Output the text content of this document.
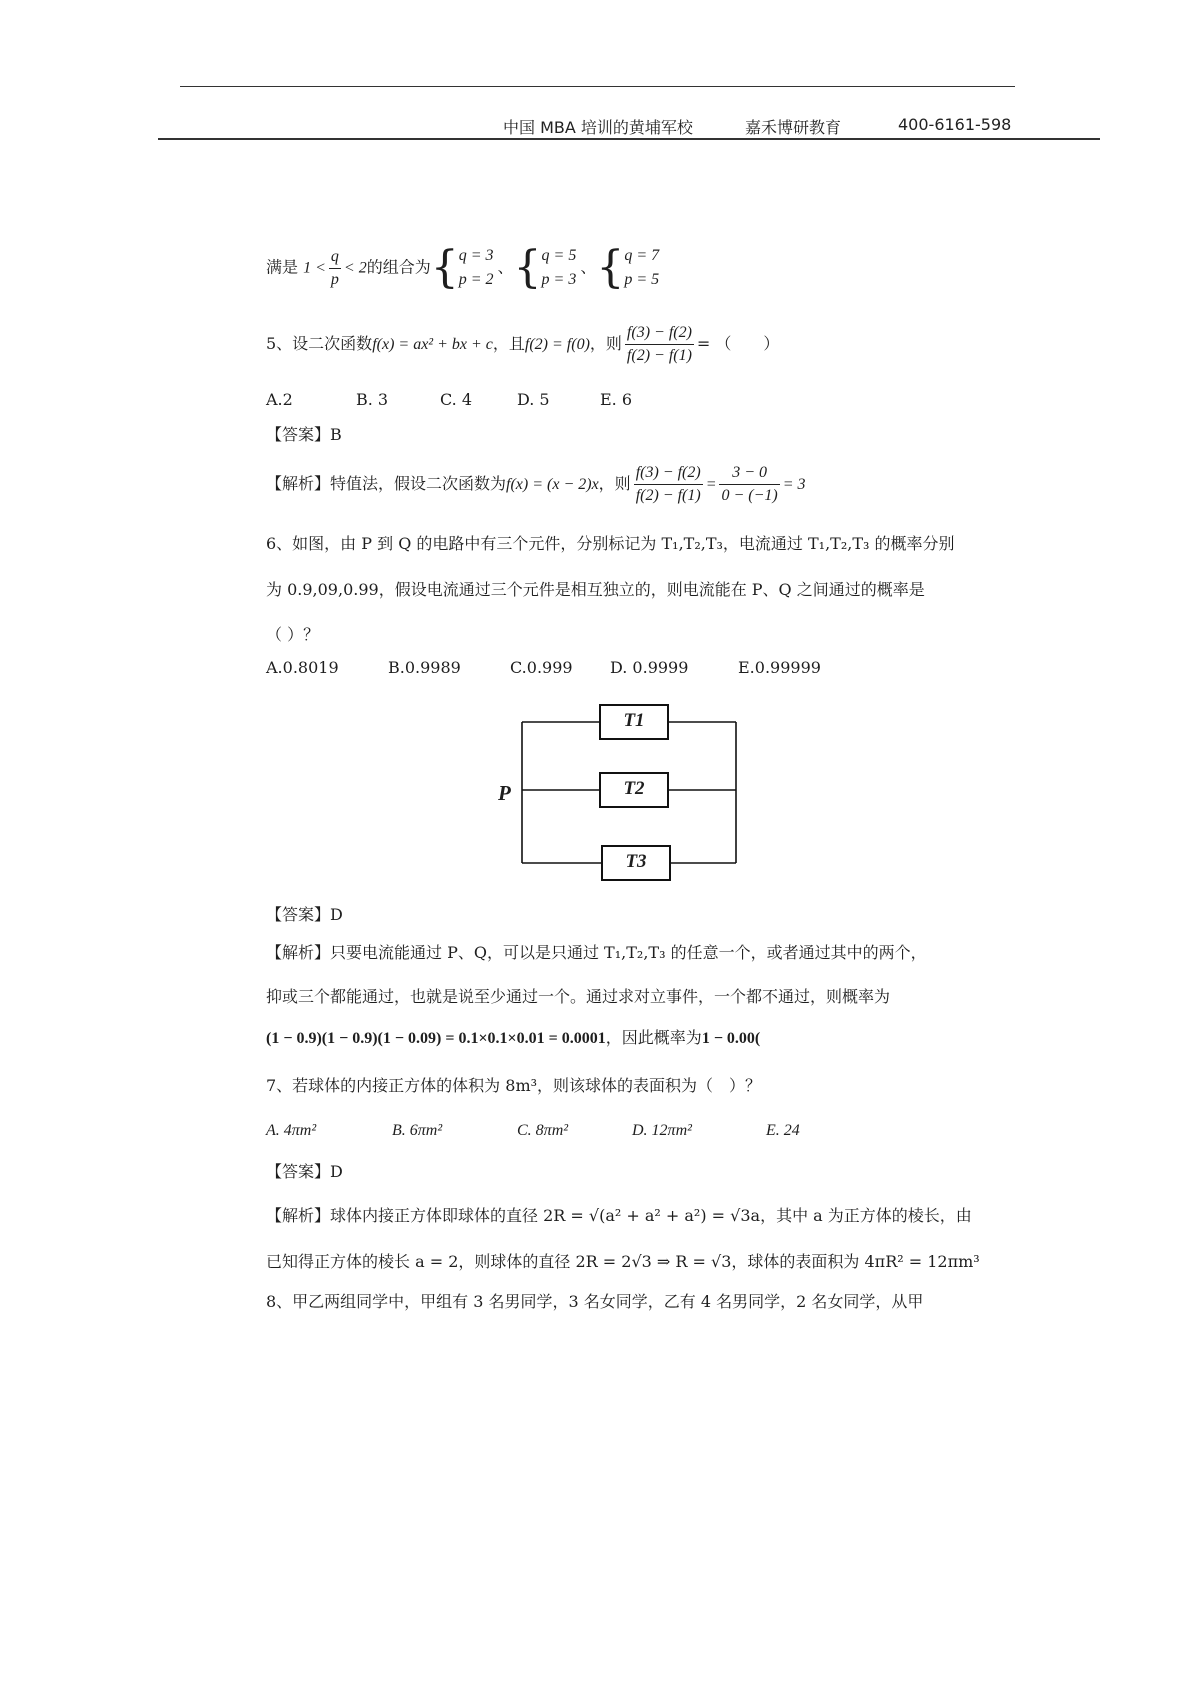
中国 MBA 培训的黄埔军校	嘉禾博研教育	400-6161-598
满是 $1 < \frac{q}{p} < 2$的组合为{ q = 3
p = 2
、{ q = 5
p = 3
、{ q = 7
p = 5
5、设二次函数f(x) = ax² + bx + c，且f(2) = f(0)，则 $\frac{f(3) - f(2)}{f(2) - f(1)}$ = （　　）
A.2	B. 3	C. 4	D. 5	E. 6
【答案】B
【解析】特值法，假设二次函数为f(x) = (x − 2)x，则 $\frac{f(3) - f(2)}{f(2) - f(1)} = \frac{3 - 0}{0 - (-1)} = 3$
6、如图，由 P 到 Q 的电路中有三个元件，分别标记为 T₁,T₂,T₃，电流通过 T₁,T₂,T₃ 的概率分别
为 0.9,09,0.99，假设电流通过三个元件是相互独立的，则电流能在 P、Q 之间通过的概率是
（ ）？
A.0.8019	B.0.9989	C.0.999 D. 0.9999	E.0.99999
P
T1
T2
T3
【答案】D
【解析】只要电流能通过 P、Q，可以是只通过 T₁,T₂,T₃ 的任意一个，或者通过其中的两个，
抑或三个都能通过，也就是说至少通过一个。通过求对立事件，一个都不通过，则概率为
(1 − 0.9)(1 − 0.9)(1 − 0.09) = 0.1×0.1×0.01 = 0.0001，因此概率为1 − 0.00(
7、若球体的内接正方体的体积为 8m³，则该球体的表面积为（　）？
A. 4πm²	B. 6πm²	C. 8πm²	D. 12πm²	E. 24
【答案】D
【解析】球体内接正方体即球体的直径 2R = √(a² + a² + a²) = √3a，其中 a 为正方体的棱长，由
已知得正方体的棱长 a = 2，则球体的直径 2R = 2√3 ⇒ R = √3，球体的表面积为 4πR² = 12πm³
8、甲乙两组同学中，甲组有 3 名男同学，3 名女同学，乙有 4 名男同学，2 名女同学，从甲
